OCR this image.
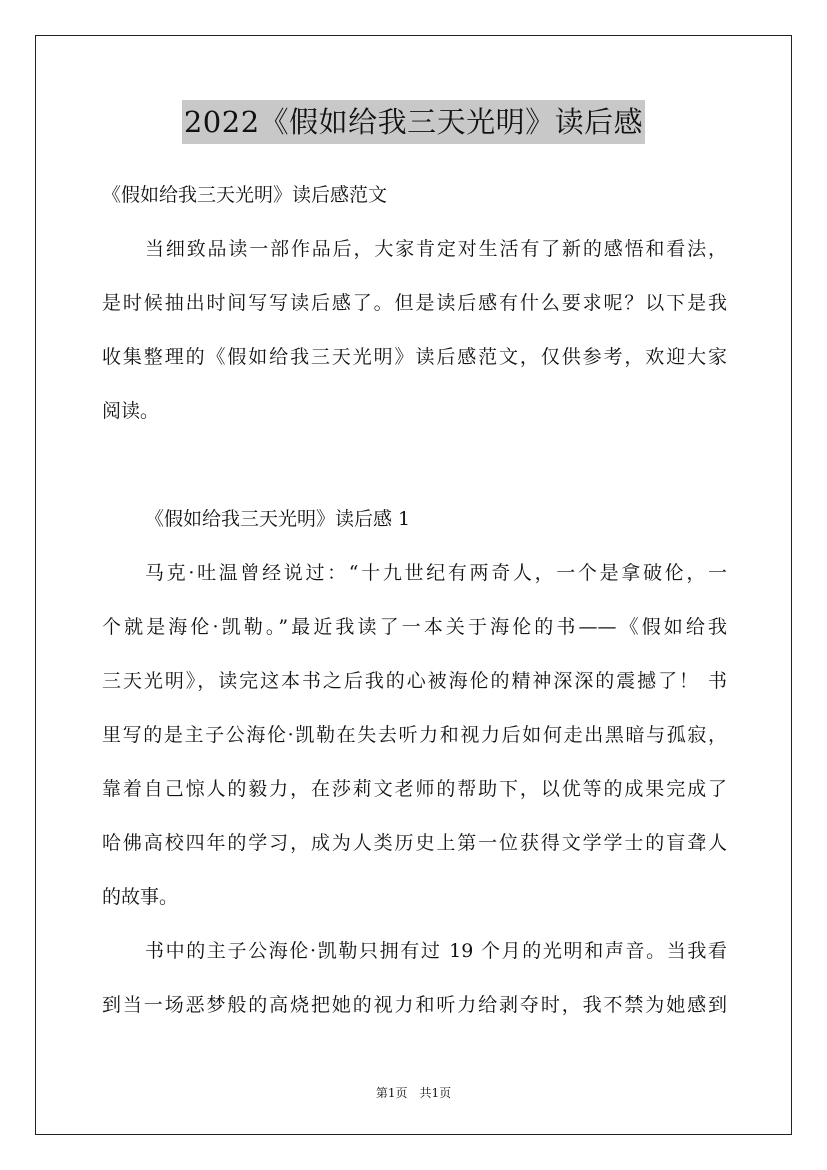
2022《假如给我三天光明》读后感
《假如给我三天光明》读后感范文
当细致品读一部作品后，大家肯定对生活有了新的感悟和看法，
是时候抽出时间写写读后感了。但是读后感有什么要求呢？以下是我
收集整理的《假如给我三天光明》读后感范文，仅供参考，欢迎大家
阅读。
《假如给我三天光明》读后感 1
马克·吐温曾经说过：“十九世纪有两奇人，一个是拿破伦，一
个就是海伦·凯勒。”最近我读了一本关于海伦的书——《假如给我
三天光明》，读完这本书之后我的心被海伦的精神深深的震撼了！ 书
里写的是主子公海伦·凯勒在失去听力和视力后如何走出黑暗与孤寂，
靠着自己惊人的毅力，在莎莉文老师的帮助下，以优等的成果完成了
哈佛高校四年的学习，成为人类历史上第一位获得文学学士的盲聋人
的故事。
书中的主子公海伦·凯勒只拥有过 19 个月的光明和声音。当我看
到当一场恶梦般的高烧把她的视力和听力给剥夺时，我不禁为她感到
第1页　共1页
